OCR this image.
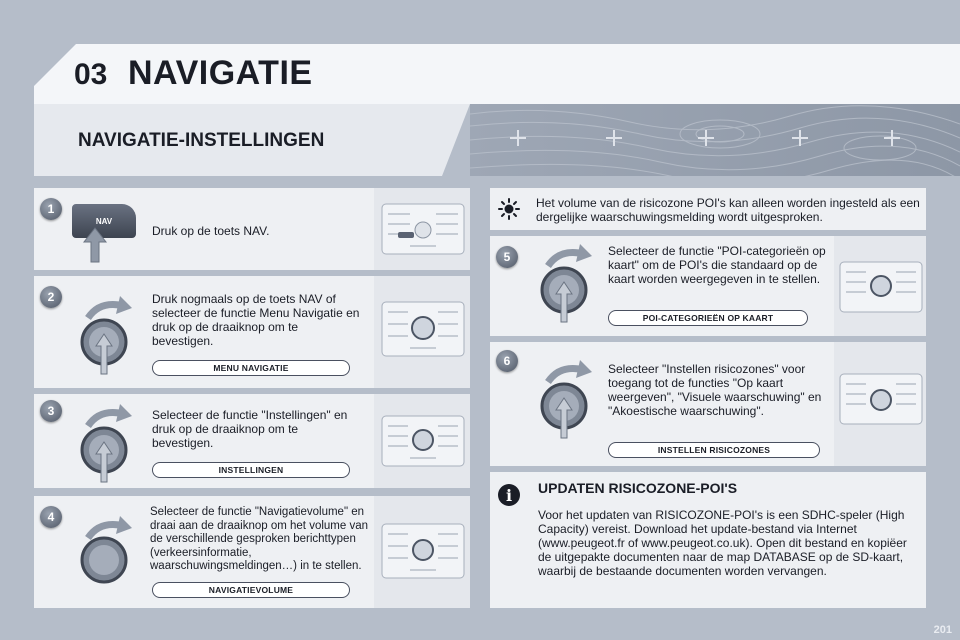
03 NAVIGATIE
NAVIGATIE-INSTELLINGEN
1
NAV
Druk op de toets NAV.
2	Druk nogmaals op de toets NAV of selecteer de functie Menu Navigatie en druk op de draaiknop om te bevestigen.
MENU NAVIGATIE
3	Selecteer de functie "Instellingen" en druk op de draaiknop om te bevestigen.
INSTELLINGEN
4	Selecteer de functie "Navigatievolume" en draai aan de draaiknop om het volume van de verschillende gesproken berichttypen (verkeersinformatie, waarschuwingsmeldingen…) in te stellen.
NAVIGATIEVOLUME
Het volume van de risicozone POI's kan alleen worden ingesteld als een dergelijke waarschuwingsmelding wordt uitgesproken.
5	Selecteer de functie "POI-categorieën op kaart" om de POI's die standaard op de kaart worden weergegeven in te stellen.
POI-CATEGORIEËN OP KAART
6
Selecteer "Instellen risicozones" voor toegang tot de functies "Op kaart weergeven", "Visuele waarschuwing" en "Akoestische waarschuwing".
INSTELLEN RISICOZONES
i	UPDATEN RISICOZONE-POI'S
Voor het updaten van RISICOZONE-POI's is een SDHC-speler (High Capacity) vereist. Download het update-bestand via Internet (www.peugeot.fr of www.peugeot.co.uk). Open dit bestand en kopiëer de uitgepakte documenten naar de map DATABASE op de SD-kaart, waarbij de bestaande documenten worden vervangen.
201
